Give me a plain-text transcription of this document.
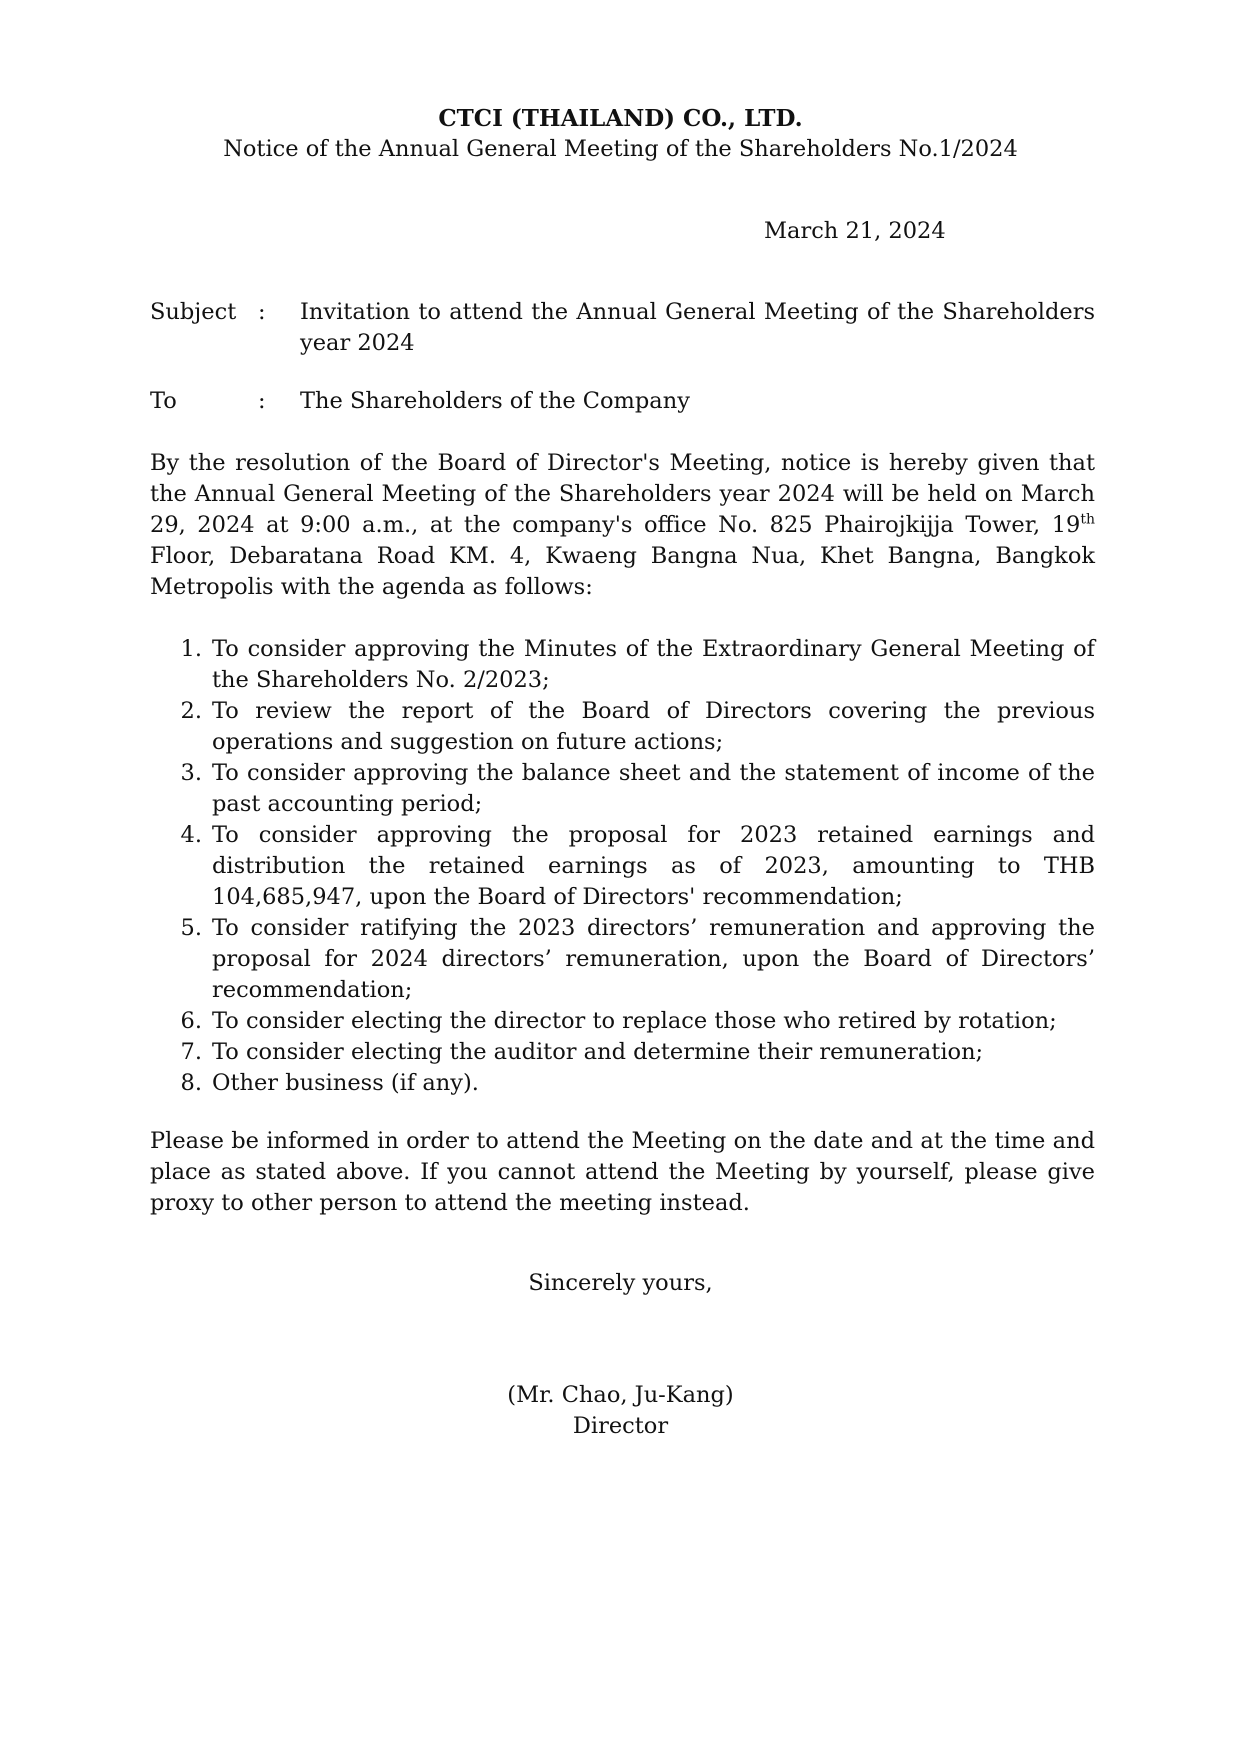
CTCI (THAILAND) CO., LTD.
Notice of the Annual General Meeting of the Shareholders No.1/2024
March 21, 2024
Subject :	Invitation to attend the Annual General Meeting of the Shareholders year 2024
To	:	The Shareholders of the Company

By the resolution of the Board of Director's Meeting, notice is hereby given that the Annual General Meeting of the Shareholders year 2024 will be held on March 29, 2024 at 9:00 a.m., at the company's office No. 825 Phairojkijja Tower, 19th Floor, Debaratana Road KM. 4, Kwaeng Bangna Nua, Khet Bangna, Bangkok Metropolis with the agenda as follows:

1. To consider approving the Minutes of the Extraordinary General Meeting of the Shareholders No. 2/2023;
2. To review the report of the Board of Directors covering the previous operations and suggestion on future actions;
3. To consider approving the balance sheet and the statement of income of the past accounting period;
4. To consider approving the proposal for 2023 retained earnings and distribution the retained earnings as of 2023, amounting to THB 104,685,947, upon the Board of Directors' recommendation;
5. To consider ratifying the 2023 directors’ remuneration and approving the proposal for 2024 directors’ remuneration, upon the Board of Directors’ recommendation;
6. To consider electing the director to replace those who retired by rotation;
7. To consider electing the auditor and determine their remuneration;
8. Other business (if any).

Please be informed in order to attend the Meeting on the date and at the time and place as stated above. If you cannot attend the Meeting by yourself, please give proxy to other person to attend the meeting instead.

Sincerely yours,
(Mr. Chao, Ju-Kang)
Director
